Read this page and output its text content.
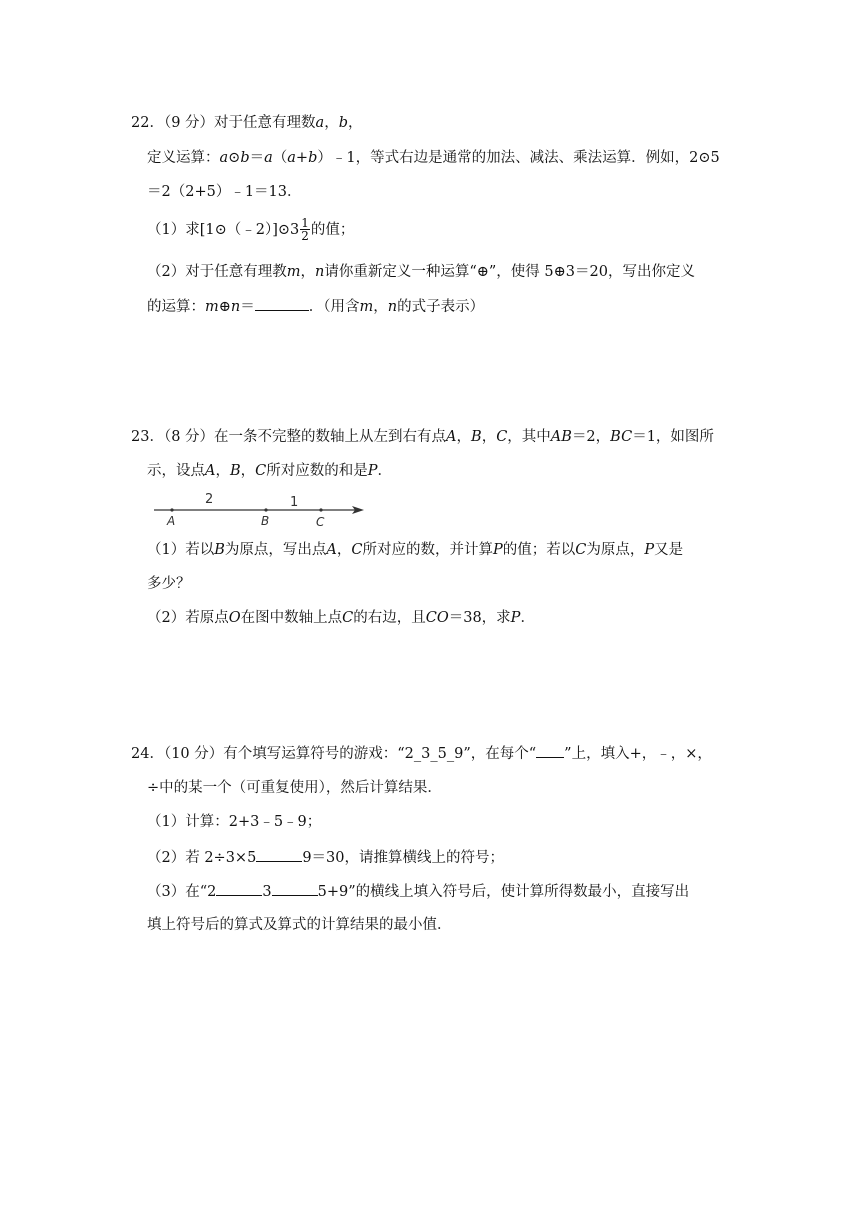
22．（9 分）对于任意有理数a，b，
定义运算：a⊙b＝a（a+b）﹣1，等式右边是通常的加法、减法、乘法运算．例如，2⊙5
＝2（2+5）﹣1＝13．
（1）求[1⊙（﹣2）]⊙3 $\frac{1}{2}$ 的值；
（2）对于任意有理教m，n请你重新定义一种运算“⊕”，使得 5⊕3＝20，写出你定义
的运算：m⊕n＝	．（用含m，n的式子表示）
23．（8 分）在一条不完整的数轴上从左到右有点A，B，C，其中AB＝2，BC＝1，如图所
示，设点A，B，C所对应数的和是P．
2	1
A	B	C
（1）若以B为原点，写出点A，C所对应的数，并计算P的值；若以C为原点，P又是
多少？
（2）若原点O在图中数轴上点C的右边，且CO＝38，求P．
24．（10 分）有个填写运算符号的游戏：“2_3_5_9”，在每个“ ”上，填入+，﹣，×，
÷中的某一个（可重复使用），然后计算结果．
（1）计算：2+3﹣5﹣9；
（2）若 2÷3×5	9＝30，请推算横线上的符号；
（3）在“2	3	5+9”的横线上填入符号后，使计算所得数最小，直接写出
填上符号后的算式及算式的计算结果的最小值．
